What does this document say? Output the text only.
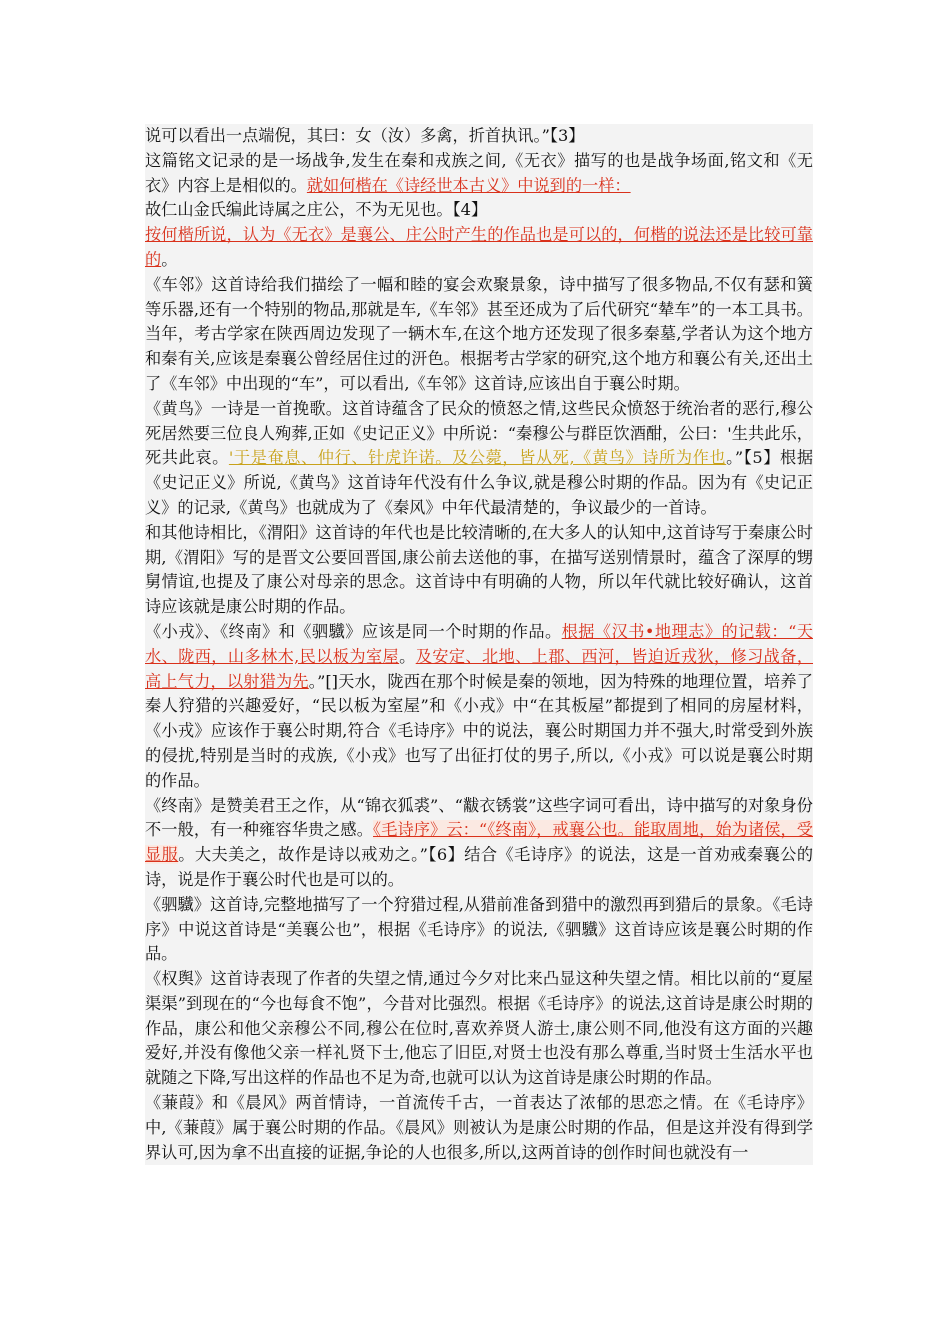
说可以看出一点端倪，其曰：女（汝）多禽，折首执讯。”【3】

这篇铭文记录的是一场战争,发生在秦和戎族之间,《无衣》描写的也是战争场面,铭文和《无衣》内容上是相似的。就如何楷在《诗经世本古义》中说到的一样：

故仁山金氏编此诗属之庄公，不为无见也。【4】

按何楷所说，认为《无衣》是襄公、庄公时产生的作品也是可以的，何楷的说法还是比较可靠的。

《车邻》这首诗给我们描绘了一幅和睦的宴会欢聚景象，诗中描写了很多物品,不仅有瑟和簧等乐器,还有一个特别的物品,那就是车,《车邻》甚至还成为了后代研究“辇车”的一本工具书。当年，考古学家在陕西周边发现了一辆木车,在这个地方还发现了很多秦墓,学者认为这个地方和秦有关,应该是秦襄公曾经居住过的汧色。根据考古学家的研究,这个地方和襄公有关,还出土了《车邻》中出现的“车”，可以看出,《车邻》这首诗,应该出自于襄公时期。

《黄鸟》一诗是一首挽歌。这首诗蕴含了民众的愤怒之情,这些民众愤怒于统治者的恶行,穆公死居然要三位良人殉葬,正如《史记正义》中所说：“秦穆公与群臣饮酒酣，公曰：'生共此乐，死共此哀。'于是奄息、仲行、针虎许诺。及公薨，皆从死,《黄鸟》诗所为作也。”【5】根据《史记正义》所说,《黄鸟》这首诗年代没有什么争议,就是穆公时期的作品。因为有《史记正义》的记录,《黄鸟》也就成为了《秦风》中年代最清楚的，争议最少的一首诗。

和其他诗相比，《渭阳》这首诗的年代也是比较清晰的,在大多人的认知中,这首诗写于秦康公时期,《渭阳》写的是晋文公要回晋国,康公前去送他的事，在描写送别情景时，蕴含了深厚的甥舅情谊,也提及了康公对母亲的思念。这首诗中有明确的人物，所以年代就比较好确认，这首诗应该就是康公时期的作品。

《小戎》、《终南》和《驷驖》应该是同一个时期的作品。根据《汉书•地理志》的记载：“天水、陇西，山多林木,民以板为室屋。及安定、北地、上郡、西河，皆迫近戎狄，修习战备，高上气力，以射猎为先。”[]天水，陇西在那个时候是秦的领地，因为特殊的地理位置，培养了秦人狩猎的兴趣爱好，“民以板为室屋”和《小戎》中“在其板屋”都提到了相同的房屋材料，《小戎》应该作于襄公时期,符合《毛诗序》中的说法，襄公时期国力并不强大,时常受到外族的侵扰,特别是当时的戎族,《小戎》也写了出征打仗的男子,所以,《小戎》可以说是襄公时期的作品。

《终南》是赞美君王之作，从“锦衣狐裘”、“黻衣锈裳”这些字词可看出，诗中描写的对象身份不一般，有一种雍容华贵之感。《毛诗序》云：“《终南》，戒襄公也。能取周地，始为诸侯，受显服。大夫美之，故作是诗以戒劝之。”【6】结合《毛诗序》的说法，这是一首劝戒秦襄公的诗，说是作于襄公时代也是可以的。

《驷驖》这首诗,完整地描写了一个狩猎过程,从猎前准备到猎中的激烈再到猎后的景象。《毛诗序》中说这首诗是“美襄公也”，根据《毛诗序》的说法,《驷驖》这首诗应该是襄公时期的作品。

《权舆》这首诗表现了作者的失望之情,通过今夕对比来凸显这种失望之情。相比以前的“夏屋渠渠”到现在的“今也每食不饱”，今昔对比强烈。根据《毛诗序》的说法,这首诗是康公时期的作品，康公和他父亲穆公不同,穆公在位时,喜欢养贤人游士,康公则不同,他没有这方面的兴趣爱好,并没有像他父亲一样礼贤下士,他忘了旧臣,对贤士也没有那么尊重,当时贤士生活水平也就随之下降,写出这样的作品也不足为奇,也就可以认为这首诗是康公时期的作品。

《蒹葭》和《晨风》两首情诗，一首流传千古，一首表达了浓郁的思恋之情。在《毛诗序》中,《蒹葭》属于襄公时期的作品。《晨风》则被认为是康公时期的作品，但是这并没有得到学界认可,因为拿不出直接的证据,争论的人也很多,所以,这两首诗的创作时间也就没有一
